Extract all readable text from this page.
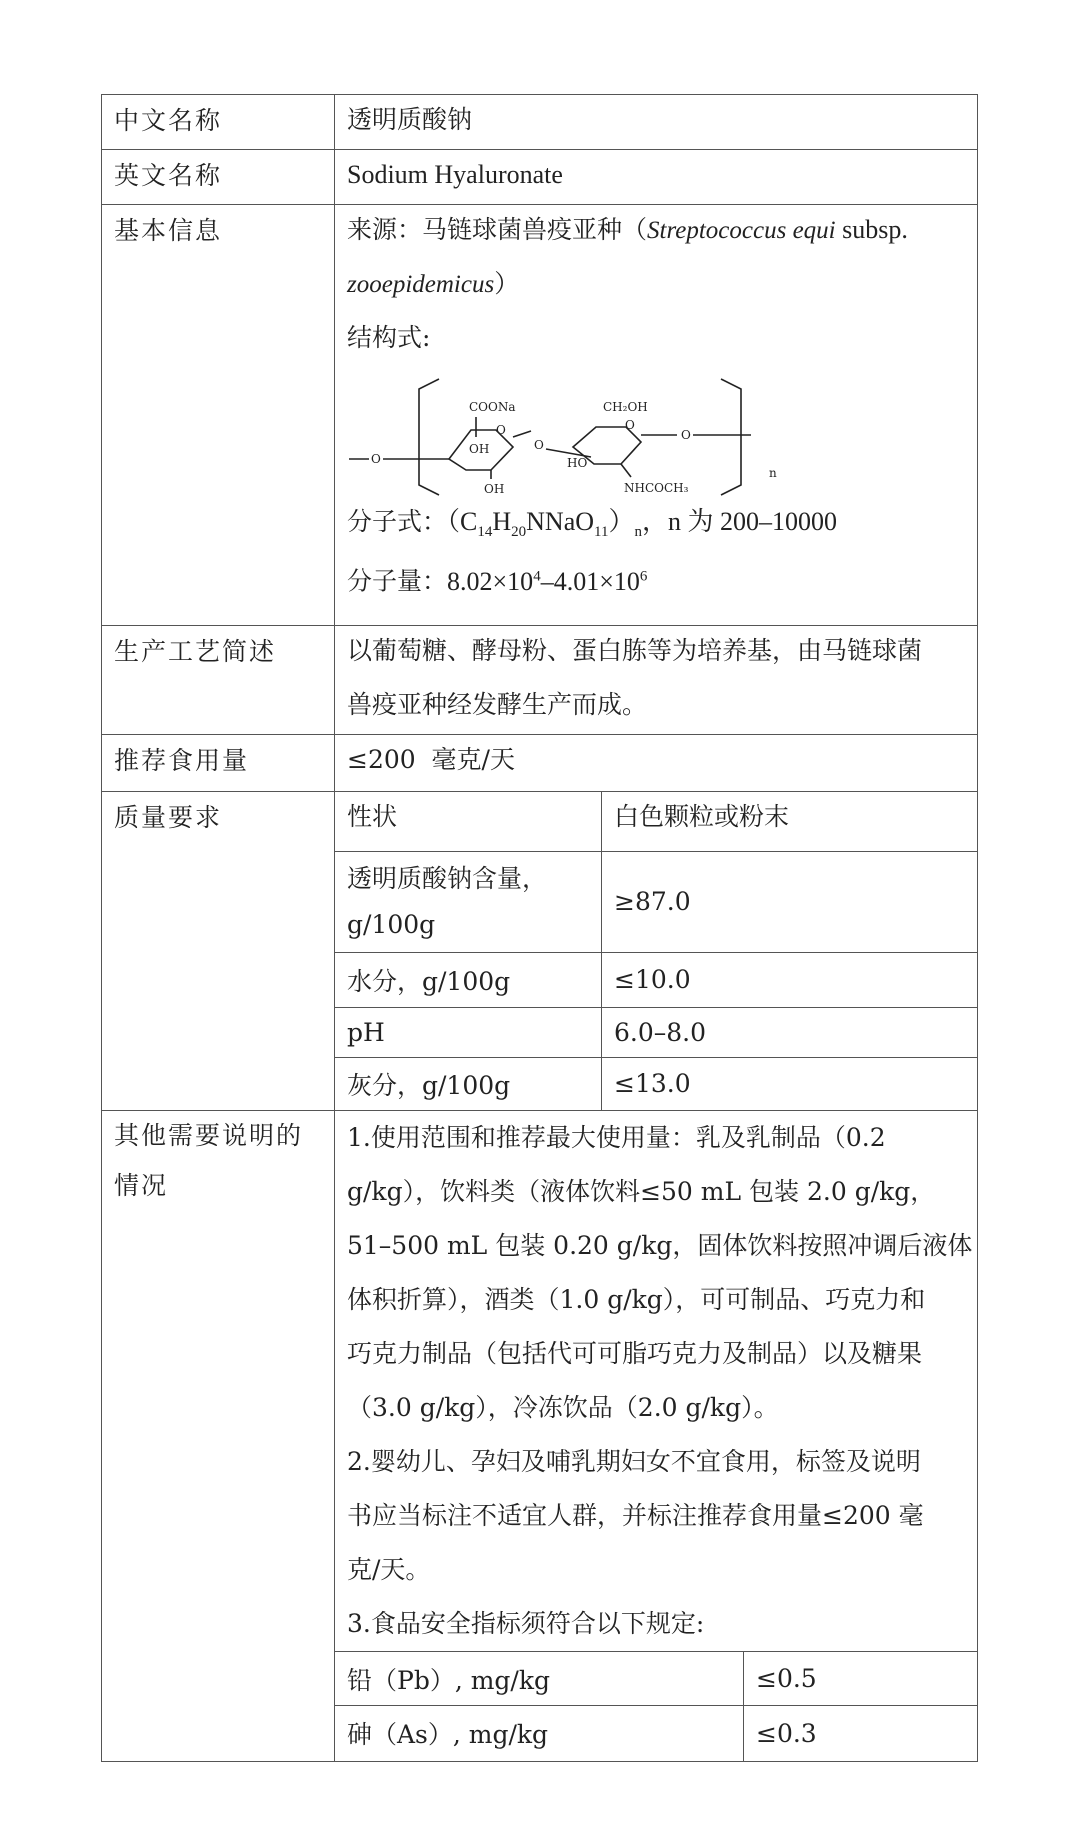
中文名称	透明质酸钠

英文名称	Sodium Hyaluronate

基本信息	来源：马链球菌兽疫亚种（Streptococcus equi subsp.
zooepidemicus）
结构式:
O
COONa
O
OH
OH
O
CH₂OH
O
HO
NHCOCH₃
O
n
分子式：$(C_{14}H_{20}NNaO_{11})_n$，n 为 200–10000
分子量：$8.02\times 10^4-4.01\times 10^6$

生产工艺简述	以葡萄糖、酵母粉、蛋白胨等为培养基，由马链球菌
兽疫亚种经发酵生产而成。

推荐食用量	≤200  毫克/天

质量要求		性状	白色颗粒或粉末

透明质酸钠含量，
g/100g
	≥87.0
水分，g/100g	≤10.0
pH	6.0–8.0
灰分，g/100g	≤13.0

其他需要说明的
情况

1.使用范围和推荐最大使用量：乳及乳制品（0.2
g/kg），饮料类（液体饮料≤50 mL 包装 2.0 g/kg，
51–500 mL 包装 0.20 g/kg，固体饮料按照冲调后液体
体积折算），酒类（1.0 g/kg），可可制品、巧克力和
巧克力制品（包括代可可脂巧克力及制品）以及糖果
（3.0 g/kg），冷冻饮品（2.0 g/kg）。
2.婴幼儿、孕妇及哺乳期妇女不宜食用，标签及说明
书应当标注不适宜人群，并标注推荐食用量≤200 毫
克/天。
3.食品安全指标须符合以下规定:
铅（Pb）, mg/kg	≤0.5
砷（As）, mg/kg	≤0.3
